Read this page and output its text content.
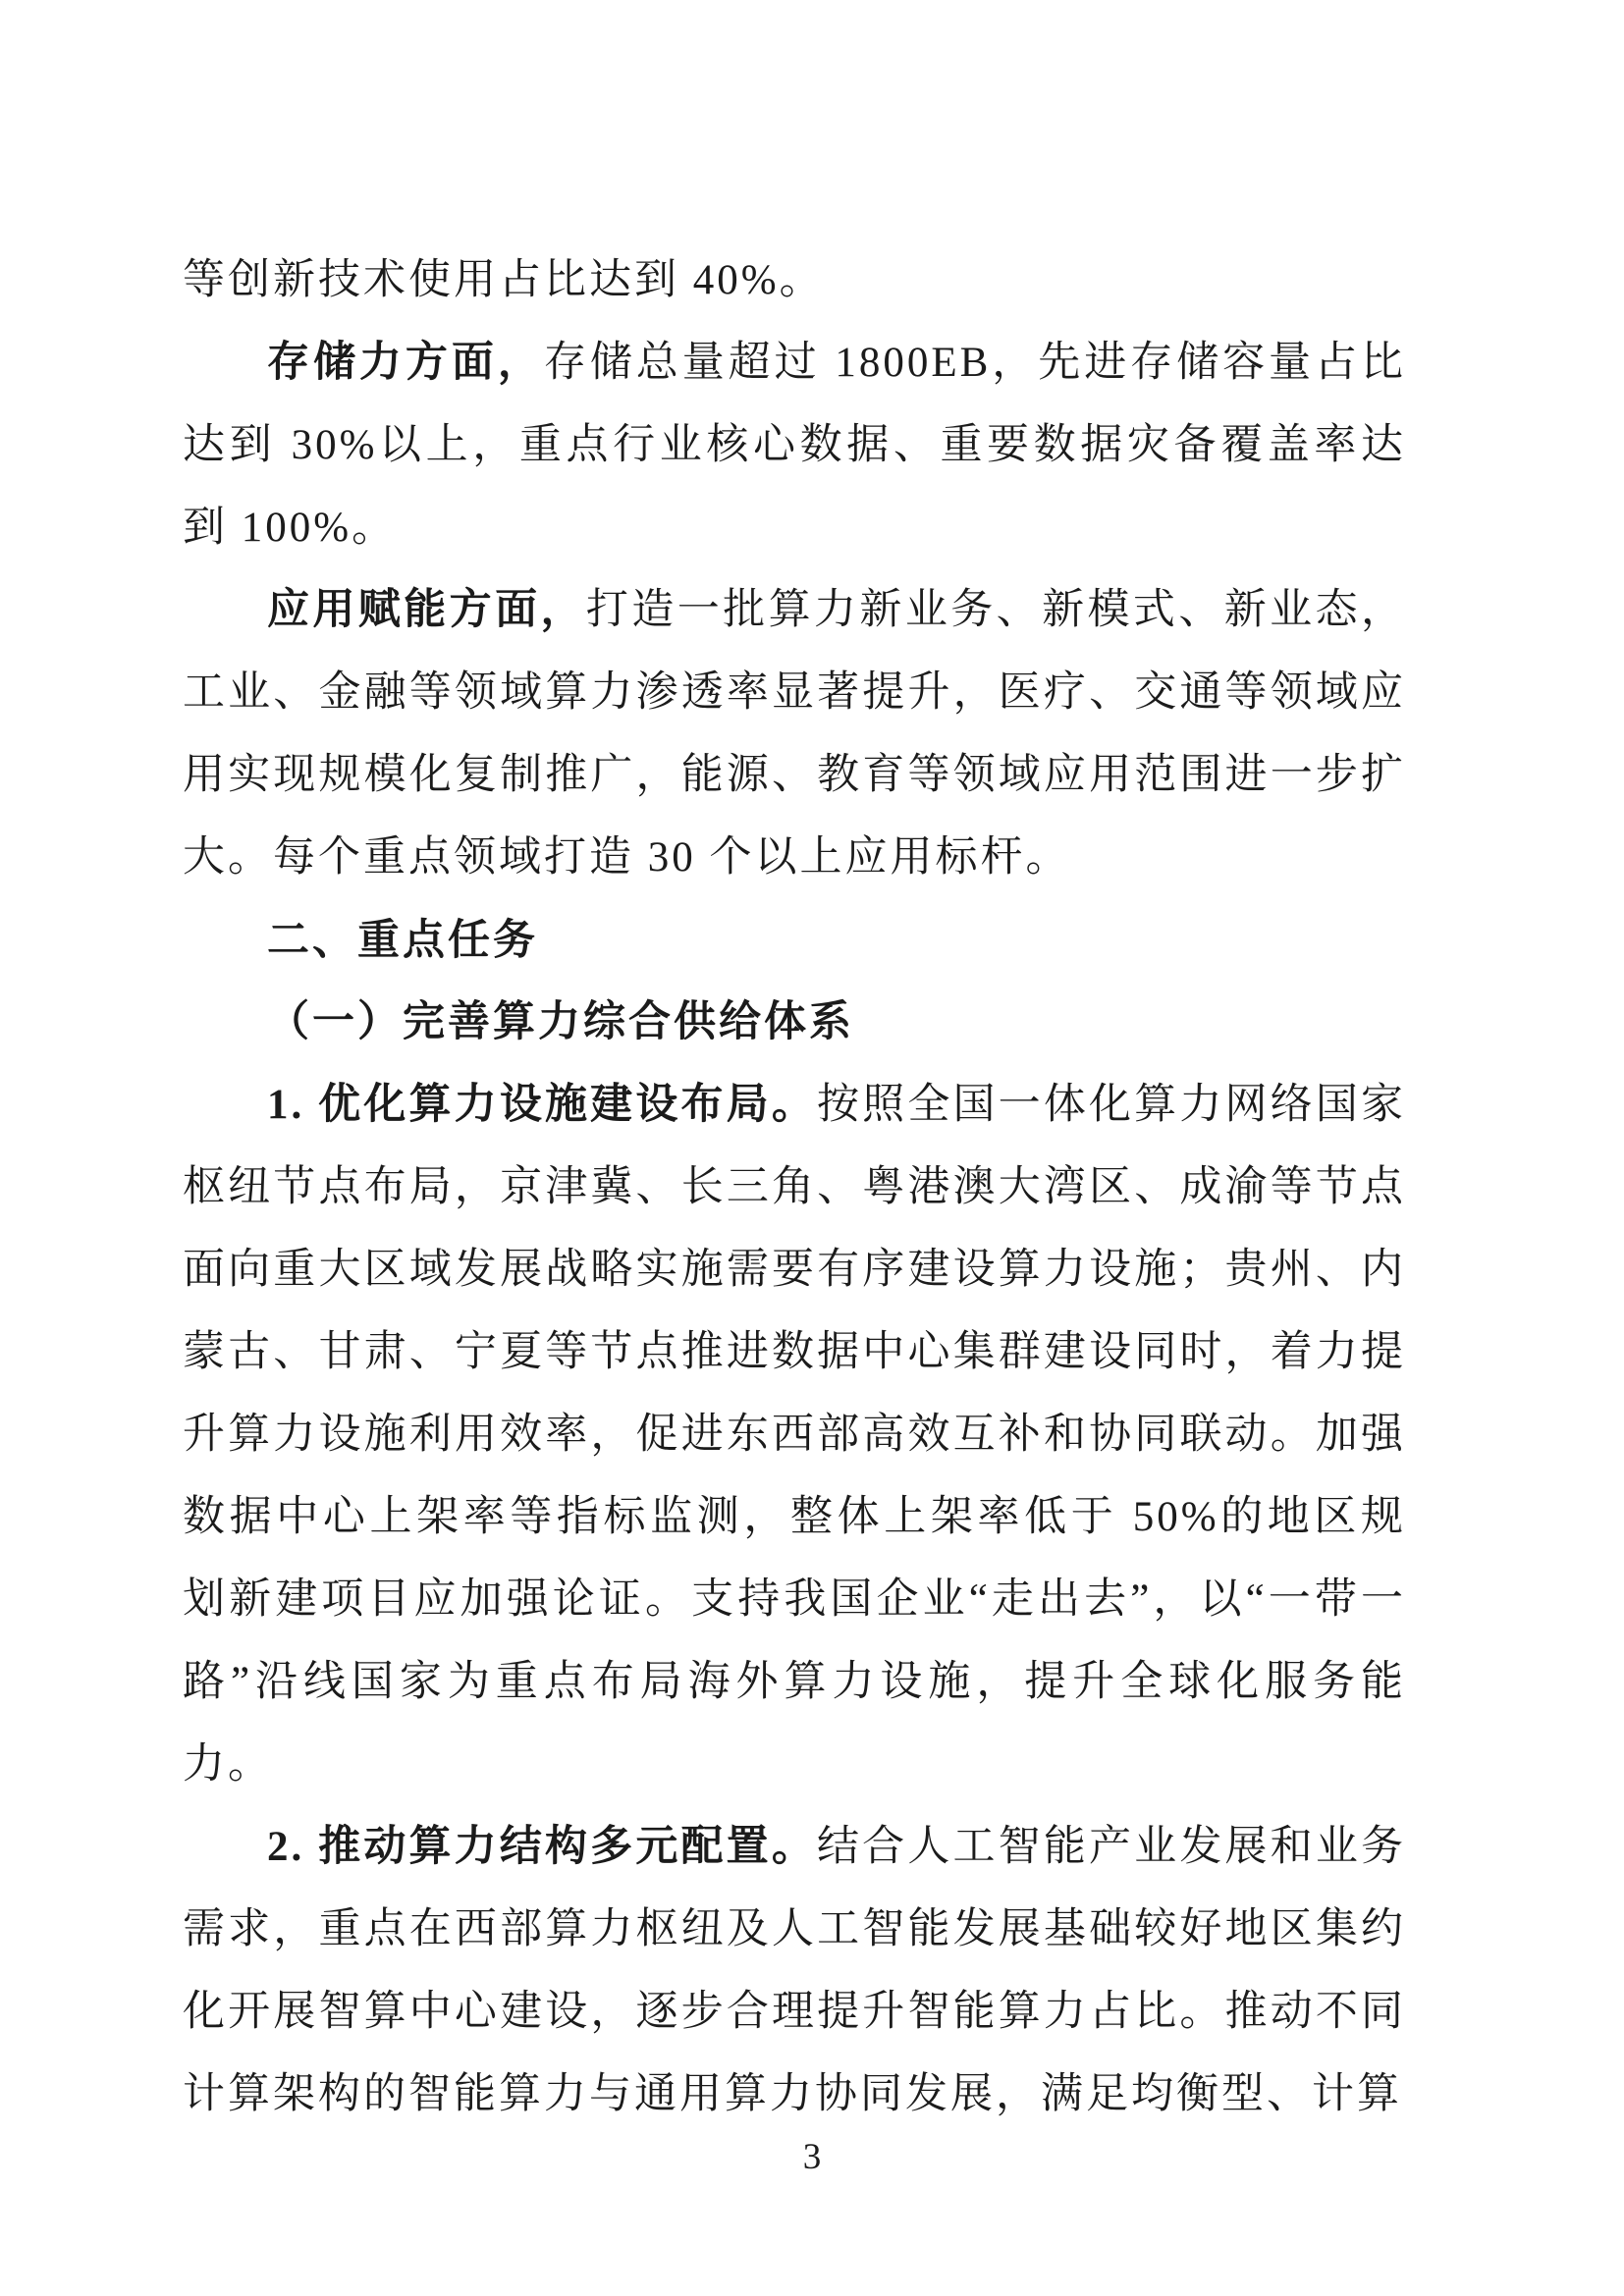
等创新技术使用占比达到 40%。

存储力方面，存储总量超过 1800EB，先进存储容量占比达到 30%以上，重点行业核心数据、重要数据灾备覆盖率达到 100%。

应用赋能方面，打造一批算力新业务、新模式、新业态，工业、金融等领域算力渗透率显著提升，医疗、交通等领域应用实现规模化复制推广，能源、教育等领域应用范围进一步扩大。每个重点领域打造 30 个以上应用标杆。

二、重点任务
（一）完善算力综合供给体系

1. 优化算力设施建设布局。按照全国一体化算力网络国家枢纽节点布局，京津冀、长三角、粤港澳大湾区、成渝等节点面向重大区域发展战略实施需要有序建设算力设施；贵州、内蒙古、甘肃、宁夏等节点推进数据中心集群建设同时，着力提升算力设施利用效率，促进东西部高效互补和协同联动。加强数据中心上架率等指标监测，整体上架率低于 50%的地区规划新建项目应加强论证。支持我国企业“走出去”，以“一带一路”沿线国家为重点布局海外算力设施，提升全球化服务能力。

2. 推动算力结构多元配置。结合人工智能产业发展和业务需求，重点在西部算力枢纽及人工智能发展基础较好地区集约化开展智算中心建设，逐步合理提升智能算力占比。推动不同计算架构的智能算力与通用算力协同发展，满足均衡型、计算

3
